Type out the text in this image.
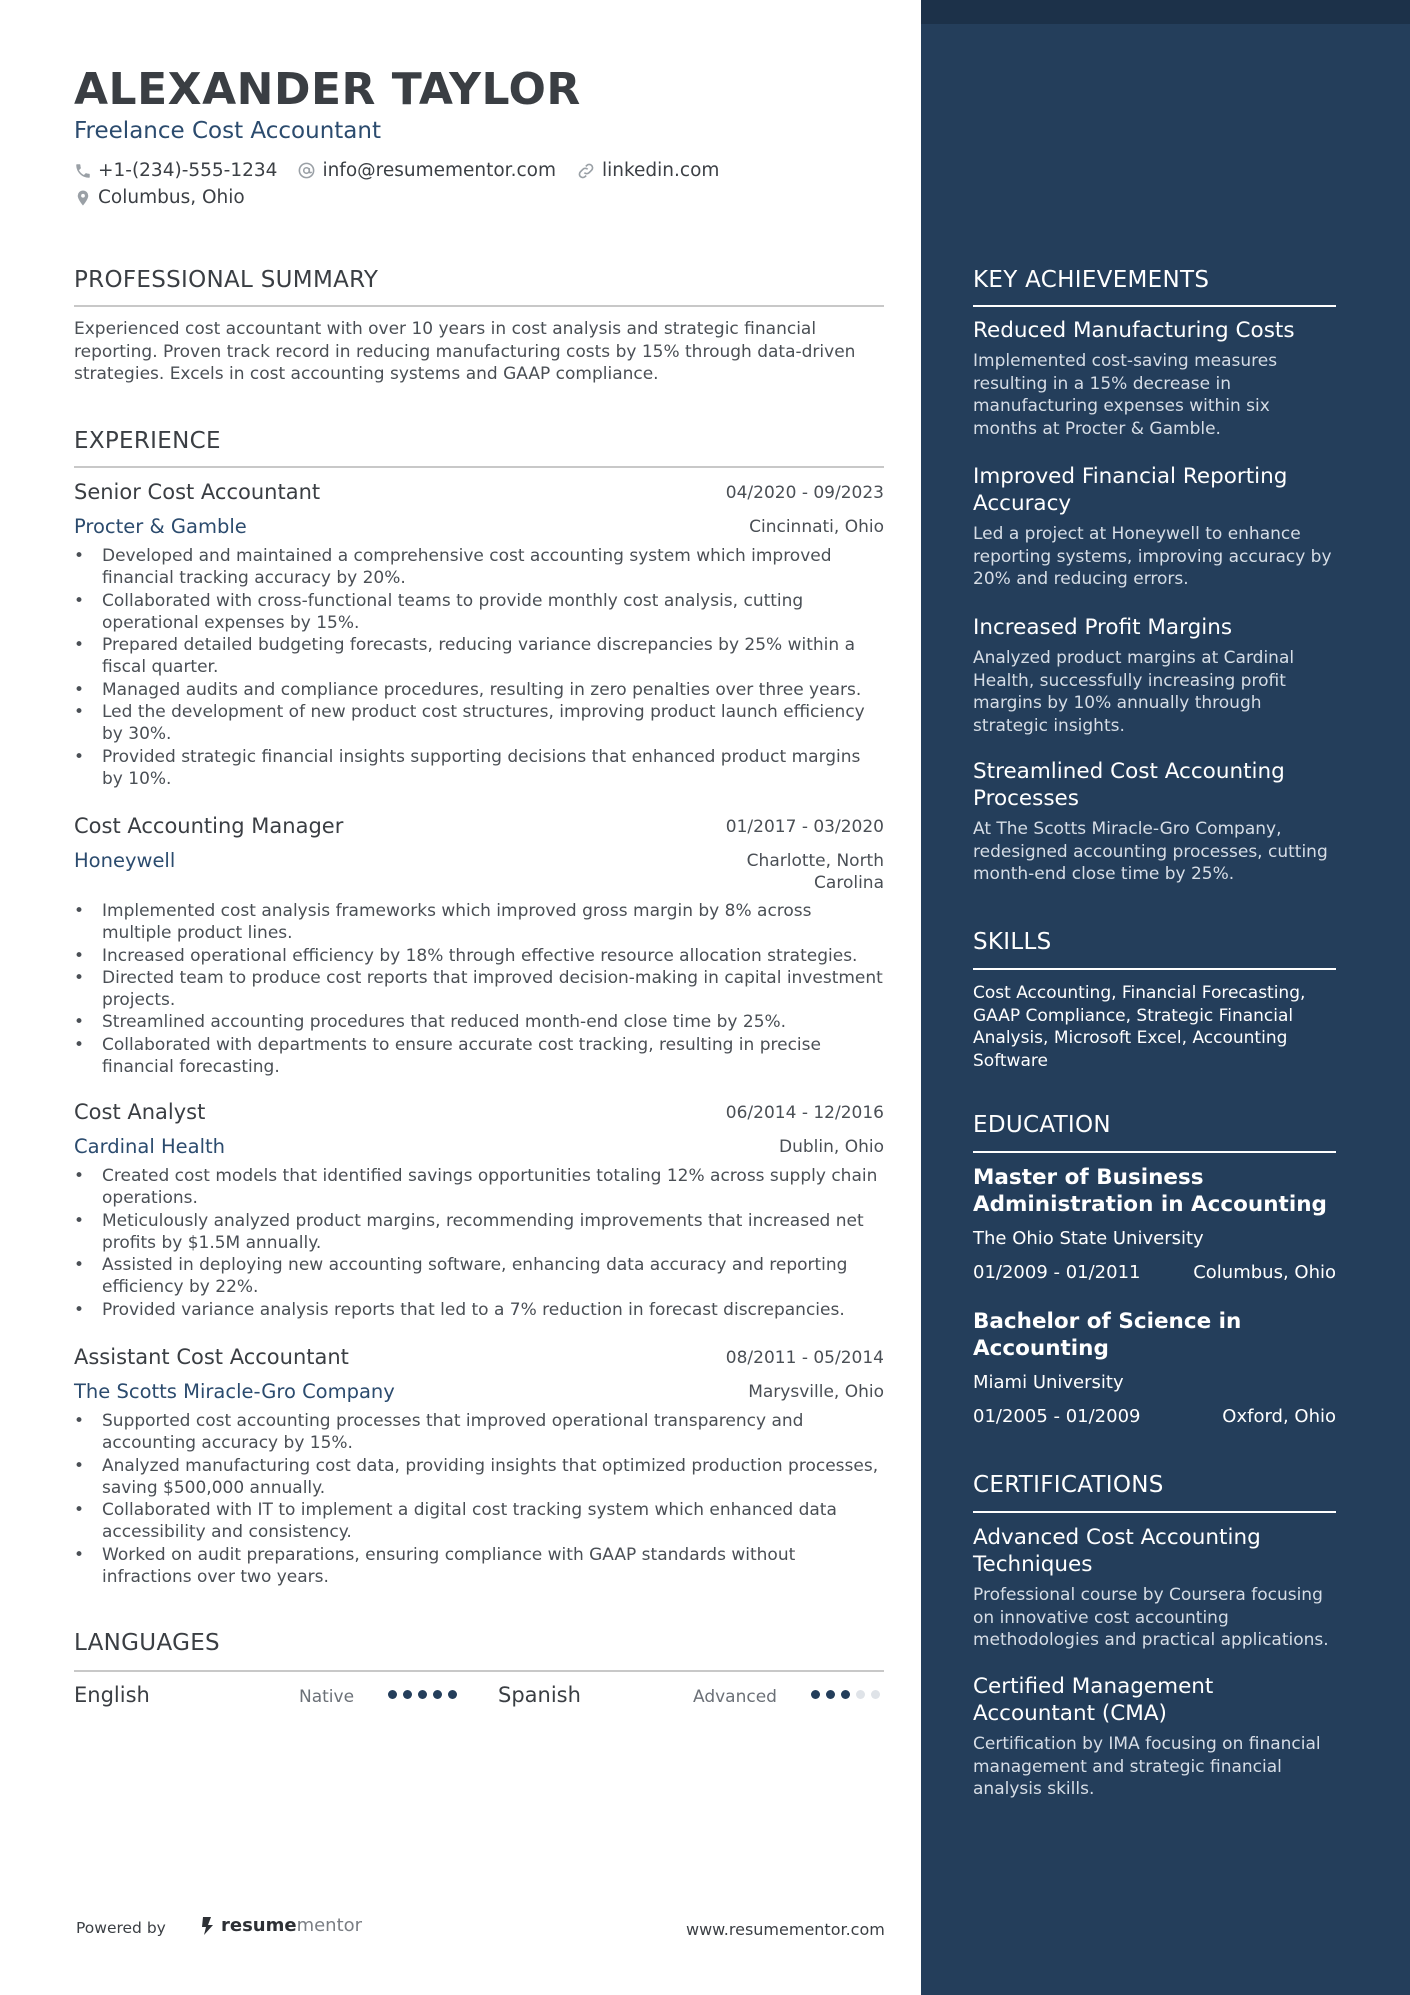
ALEXANDER TAYLOR
Freelance Cost Accountant
+1-(234)-555-1234 info@resumementor.com linkedin.com
Columbus, Ohio
PROFESSIONAL SUMMARY
Experienced cost accountant with over 10 years in cost analysis and strategic financial reporting. Proven track record in reducing manufacturing costs by 15% through data-driven strategies. Excels in cost accounting systems and GAAP compliance.
EXPERIENCE
Senior Cost Accountant	04/2020 - 09/2023
Procter & Gamble	Cincinnati, Ohio
• Developed and maintained a comprehensive cost accounting system which improved financial tracking accuracy by 20%.
• Collaborated with cross-functional teams to provide monthly cost analysis, cutting operational expenses by 15%.
• Prepared detailed budgeting forecasts, reducing variance discrepancies by 25% within a fiscal quarter.
• Managed audits and compliance procedures, resulting in zero penalties over three years.
• Led the development of new product cost structures, improving product launch efficiency by 30%.
• Provided strategic financial insights supporting decisions that enhanced product margins by 10%.
Cost Accounting Manager	01/2017 - 03/2020
Honeywell	Charlotte, North Carolina
• Implemented cost analysis frameworks which improved gross margin by 8% across multiple product lines.
• Increased operational efficiency by 18% through effective resource allocation strategies.
• Directed team to produce cost reports that improved decision-making in capital investment projects.
• Streamlined accounting procedures that reduced month-end close time by 25%.
• Collaborated with departments to ensure accurate cost tracking, resulting in precise financial forecasting.
Cost Analyst	06/2014 - 12/2016
Cardinal Health	Dublin, Ohio
• Created cost models that identified savings opportunities totaling 12% across supply chain operations.
• Meticulously analyzed product margins, recommending improvements that increased net profits by $1.5M annually.
• Assisted in deploying new accounting software, enhancing data accuracy and reporting efficiency by 22%.
• Provided variance analysis reports that led to a 7% reduction in forecast discrepancies.
Assistant Cost Accountant	08/2011 - 05/2014
The Scotts Miracle-Gro Company	Marysville, Ohio
• Supported cost accounting processes that improved operational transparency and accounting accuracy by 15%.
• Analyzed manufacturing cost data, providing insights that optimized production processes, saving $500,000 annually.
• Collaborated with IT to implement a digital cost tracking system which enhanced data accessibility and consistency.
• Worked on audit preparations, ensuring compliance with GAAP standards without infractions over two years.
LANGUAGES
English	Native	Spanish	Advanced
Powered by	resume mentor	www.resumementor.com
KEY ACHIEVEMENTS
Reduced Manufacturing Costs
Implemented cost-saving measures resulting in a 15% decrease in manufacturing expenses within six months at Procter & Gamble.
Improved Financial Reporting Accuracy
Led a project at Honeywell to enhance reporting systems, improving accuracy by 20% and reducing errors.
Increased Profit Margins
Analyzed product margins at Cardinal Health, successfully increasing profit margins by 10% annually through strategic insights.
Streamlined Cost Accounting Processes
At The Scotts Miracle-Gro Company, redesigned accounting processes, cutting month-end close time by 25%.
SKILLS
Cost Accounting, Financial Forecasting, GAAP Compliance, Strategic Financial Analysis, Microsoft Excel, Accounting Software
EDUCATION
Master of Business Administration in Accounting
The Ohio State University
01/2009 - 01/2011	Columbus, Ohio
Bachelor of Science in Accounting
Miami University
01/2005 - 01/2009	Oxford, Ohio
CERTIFICATIONS
Advanced Cost Accounting Techniques
Professional course by Coursera focusing on innovative cost accounting methodologies and practical applications.
Certified Management Accountant (CMA)
Certification by IMA focusing on financial management and strategic financial analysis skills.
